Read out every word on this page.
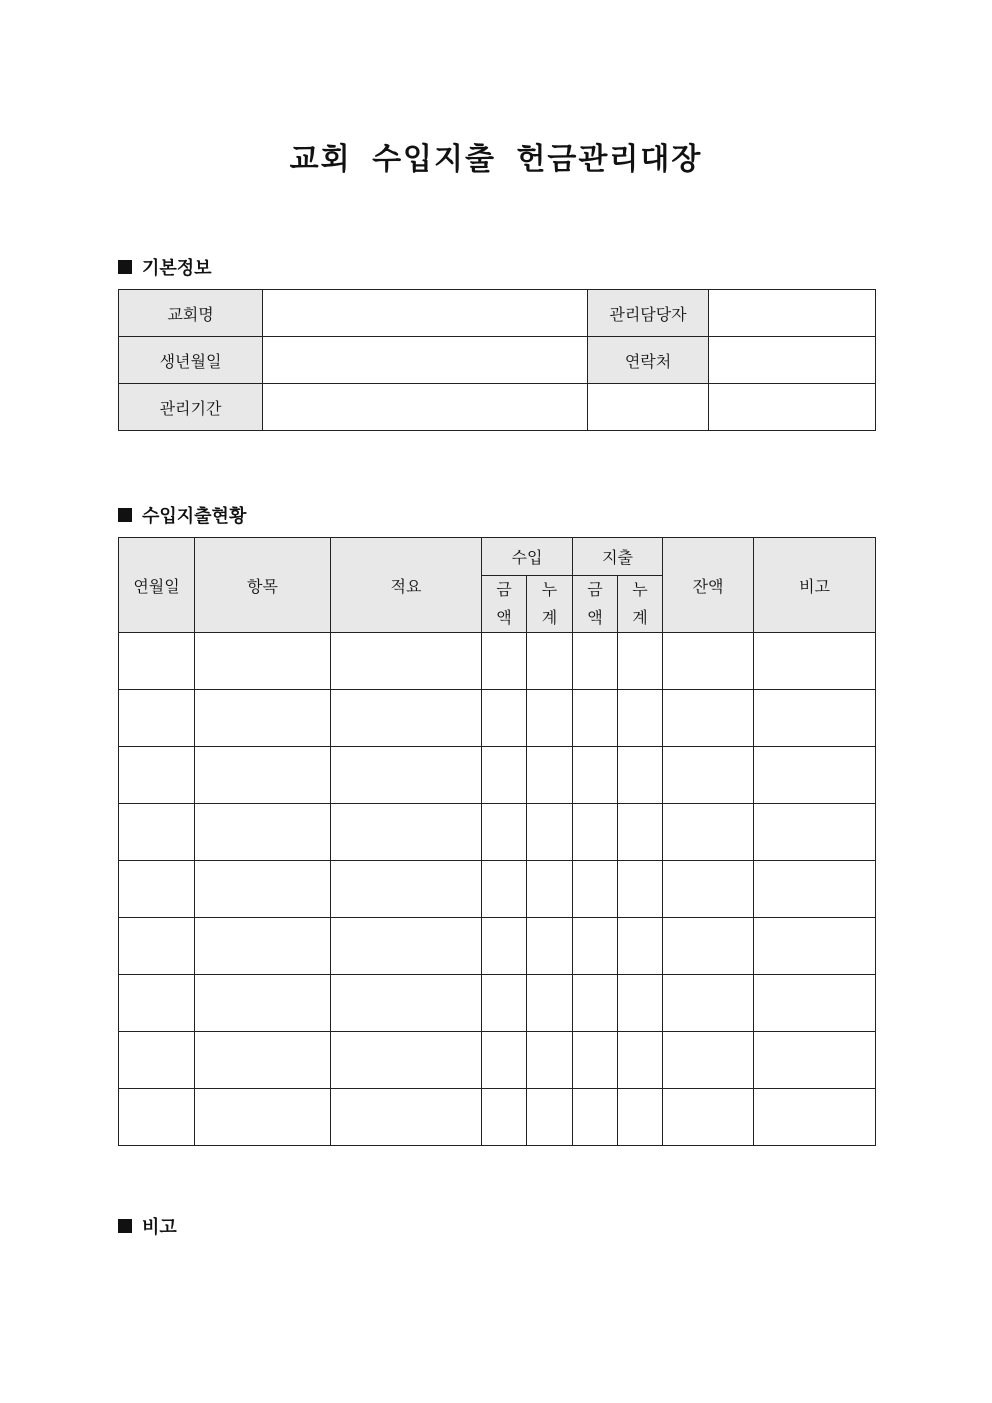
교회 수입지출 헌금관리대장
기본정보
교회명		관리담당자	
생년월일		연락처	
관리기간			
수입지출현황
연월일	항목	적요	수입		지출		잔액	비고
			금액	누계	금액	누계		

비고
